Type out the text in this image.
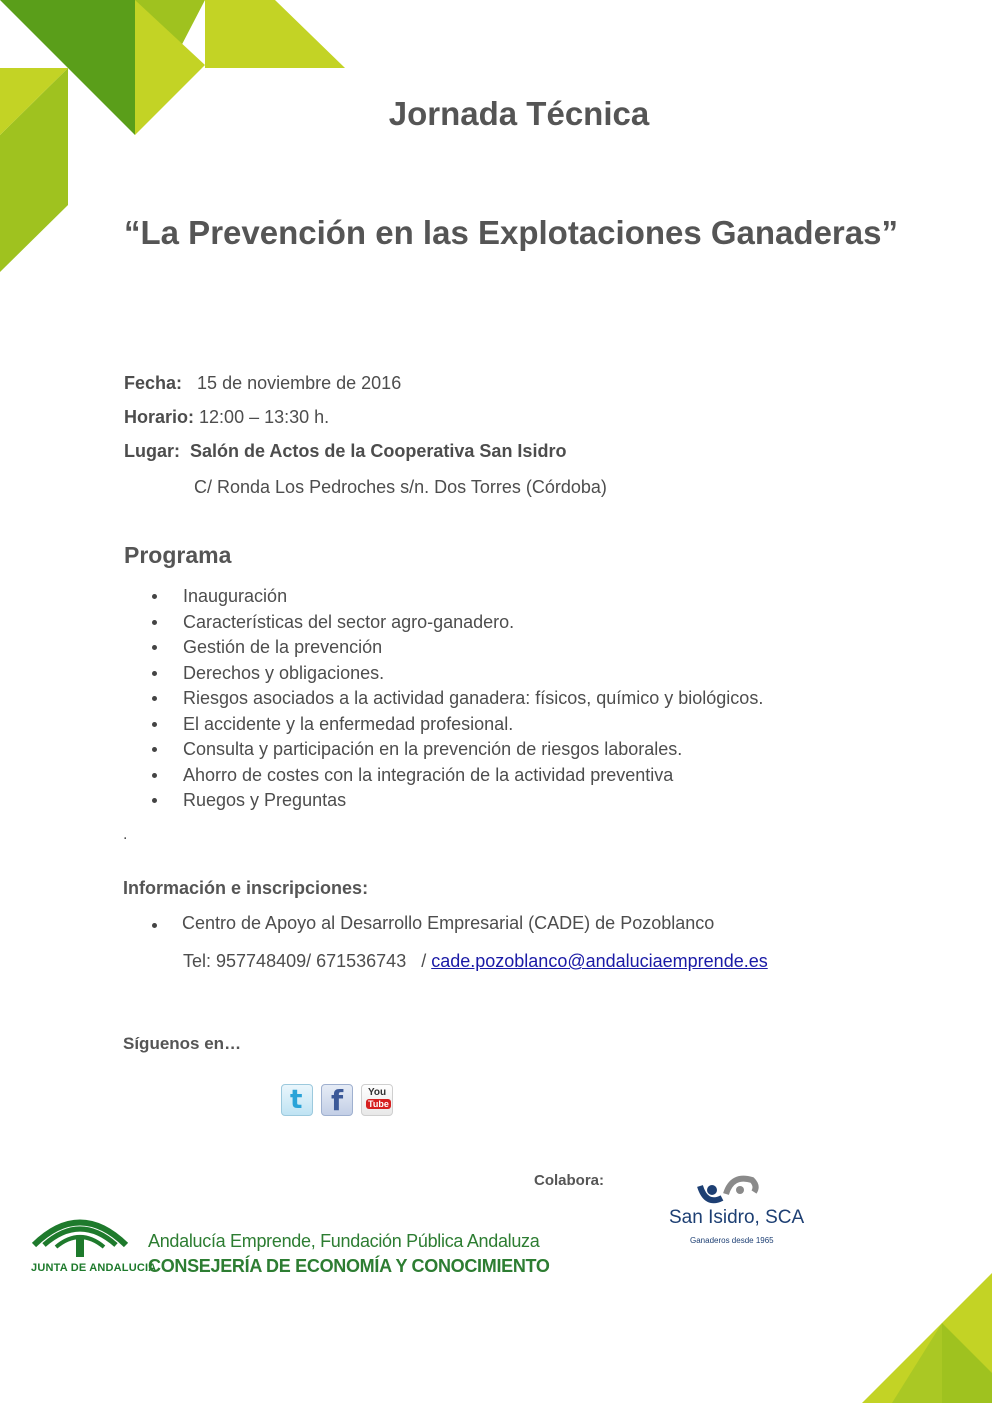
Jornada Técnica
“La Prevención en las Explotaciones Ganaderas”
Fecha: 15 de noviembre de 2016
Horario: 12:00 – 13:30 h.
Lugar: Salón de Actos de la Cooperativa San Isidro
C/ Ronda Los Pedroches s/n. Dos Torres (Córdoba)
Programa
Inauguración
Características del sector agro-ganadero.
Gestión de la prevención
Derechos y obligaciones.
Riesgos asociados a la actividad ganadera: físicos, químico y biológicos.
El accidente y la enfermedad profesional.
Consulta y participación en la prevención de riesgos laborales.
Ahorro de costes con la integración de la actividad preventiva
Ruegos y Preguntas
.
Información e inscripciones:
Centro de Apoyo al Desarrollo Empresarial (CADE) de Pozoblanco
Tel: 957748409/ 671536743   / cade.pozoblanco@andaluciaemprende.es
Síguenos en…
t f You
Tube
Colabora:
JUNTA DE ANDALUCIA
Andalucía Emprende, Fundación Pública Andaluza
CONSEJERÍA DE ECONOMÍA Y CONOCIMIENTO
San Isidro, SCA
Ganaderos desde 1965
